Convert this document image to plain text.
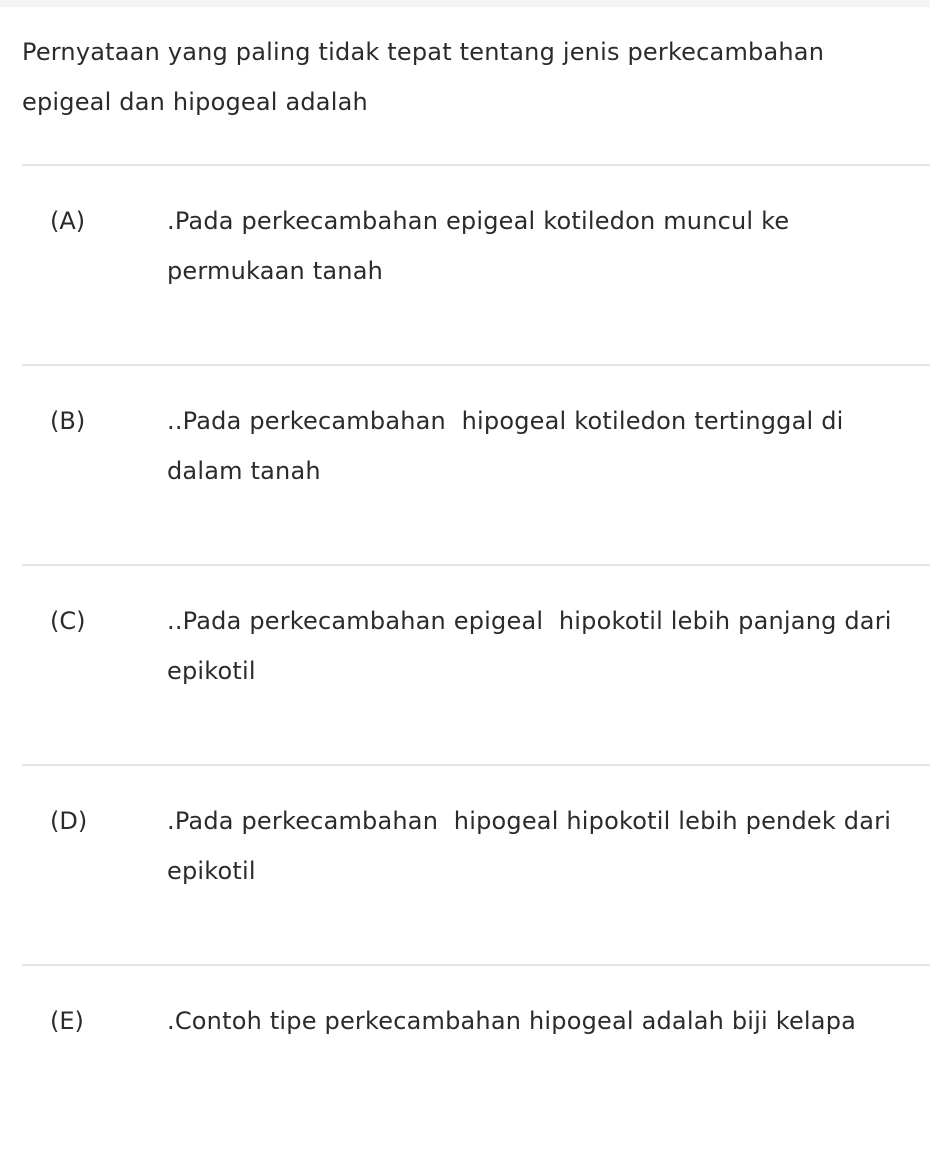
Pernyataan yang paling tidak tepat tentang jenis perkecambahan epigeal dan hipogeal adalah
(A)	.Pada perkecambahan epigeal kotiledon muncul ke permukaan tanah
(B)	..Pada perkecambahan  hipogeal kotiledon tertinggal di dalam tanah
(C)	..Pada perkecambahan epigeal  hipokotil lebih panjang dari epikotil
(D)	.Pada perkecambahan  hipogeal hipokotil lebih pendek dari epikotil
(E)	.Contoh tipe perkecambahan hipogeal adalah biji kelapa
